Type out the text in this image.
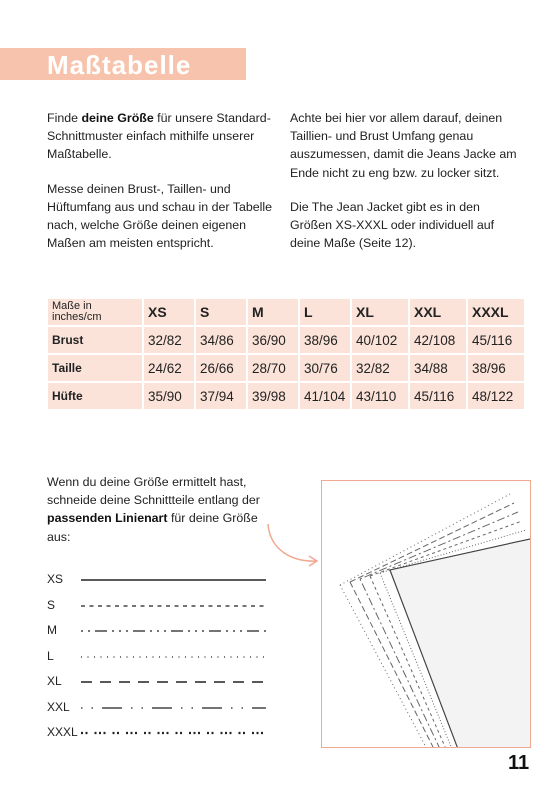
Maßtabelle

Finde deine Größe für unsere Standard-Schnittmuster einfach mithilfe unserer Maßtabelle.

Messe deinen Brust-, Taillen- und Hüftumfang aus und schau in der Tabelle nach, welche Größe deinen eigenen Maßen am meisten entspricht.

Achte bei hier vor allem darauf, deinen Taillien- und Brust Umfang genau auszumessen, damit die Jeans Jacke am Ende nicht zu eng bzw. zu locker sitzt.

Die The Jean Jacket gibt es in den Größen XS-XXXL oder individuell auf deine Maße (Seite 12).

Maße in inches/cm	XS	S	M	L	XL	XXL	XXXL
Brust	32/82	34/86	36/90	38/96	40/102	42/108	45/116
Taille	24/62	26/66	28/70	30/76	32/82	34/88	38/96
Hüfte	35/90	37/94	39/98	41/104	43/110	45/116	48/122

Wenn du deine Größe ermittelt hast, schneide deine Schnittteile entlang der passenden Linienart für deine Größe aus:

XS
S
M
L
XL
XXL
XXXL
11
